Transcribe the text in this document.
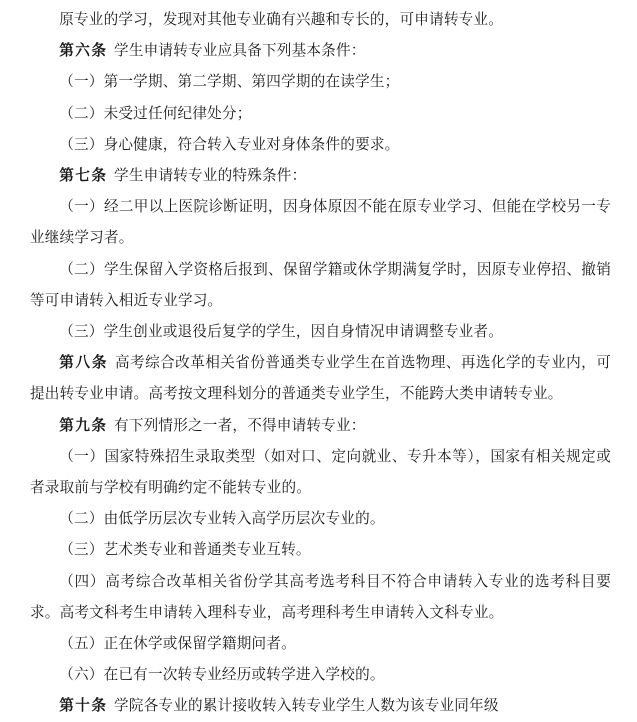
原专业的学习，发现对其他专业确有兴趣和专长的，可申请转专业。

第六条 学生申请转专业应具备下列基本条件：

（一）第一学期、第二学期、第四学期的在读学生；

（二）未受过任何纪律处分；

（三）身心健康，符合转入专业对身体条件的要求。

第七条 学生申请转专业的特殊条件：

（一）经二甲以上医院诊断证明，因身体原因不能在原专业学习、但能在学校另一专业继续学习者。

（二）学生保留入学资格后报到、保留学籍或休学期满复学时，因原专业停招、撤销等可申请转入相近专业学习。

（三）学生创业或退役后复学的学生，因自身情况申请调整专业者。

第八条 高考综合改革相关省份普通类专业学生在首选物理、再选化学的专业内，可提出转专业申请。高考按文理科划分的普通类专业学生，不能跨大类申请转专业。

第九条 有下列情形之一者，不得申请转专业：

（一）国家特殊招生录取类型（如对口、定向就业、专升本等），国家有相关规定或者录取前与学校有明确约定不能转专业的。

（二）由低学历层次专业转入高学历层次专业的。

（三）艺术类专业和普通类专业互转。

（四）高考综合改革相关省份学其高考选考科目不符合申请转入专业的选考科目要求。高考文科考生申请转入理科专业，高考理科考生申请转入文科专业。

（五）正在休学或保留学籍期问者。

（六）在已有一次转专业经历或转学进入学校的。

第十条 学院各专业的累计接收转入转专业学生人数为该专业同年级
